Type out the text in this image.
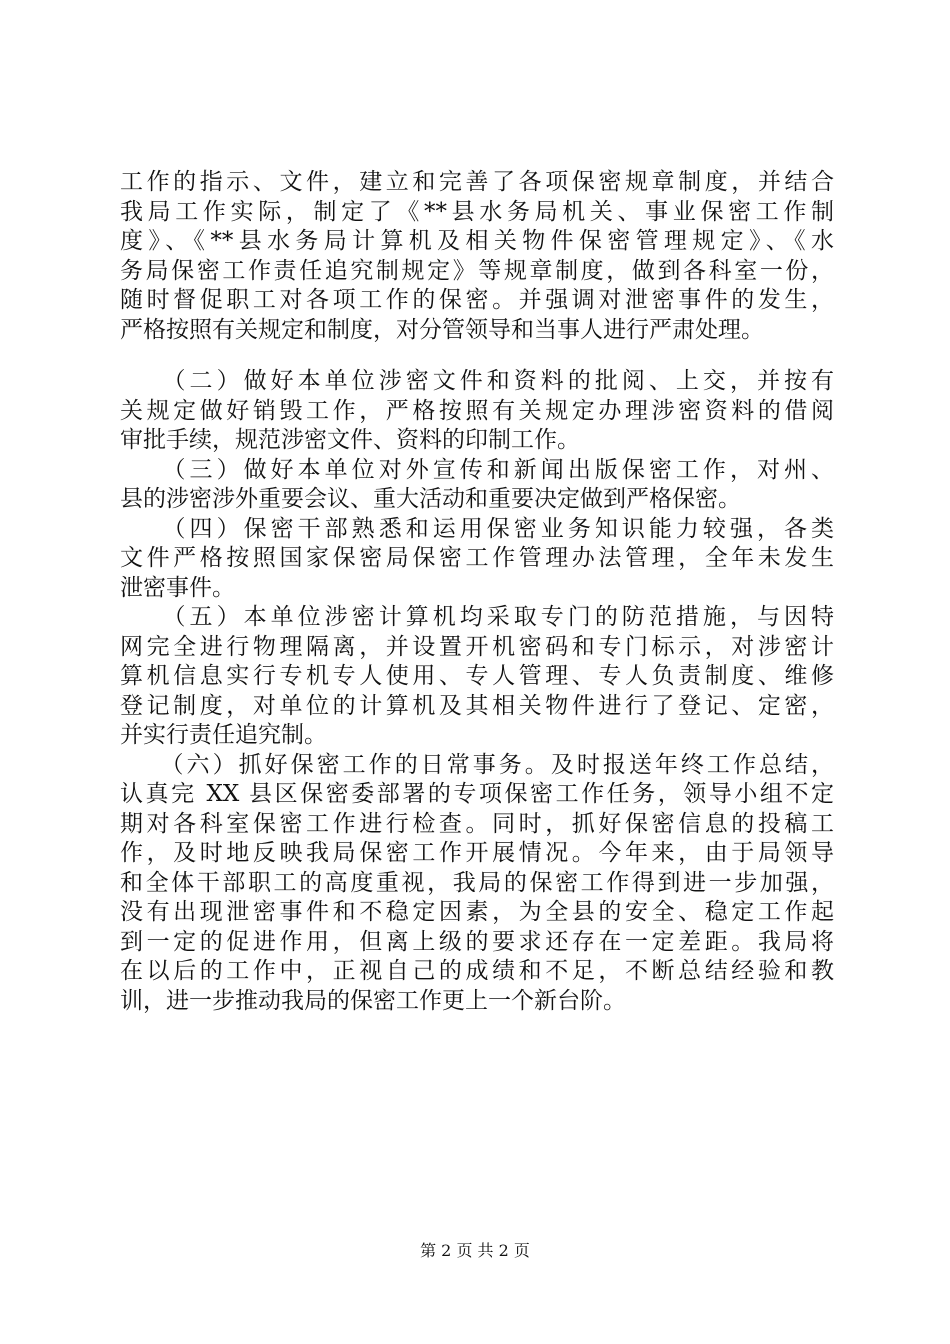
工作的指示、文件，建立和完善了各项保密规章制度，并结合
我局工作实际，制定了《**县水务局机关、事业保密工作制
度》、《**县水务局计算机及相关物件保密管理规定》、《水
务局保密工作责任追究制规定》等规章制度，做到各科室一份，
随时督促职工对各项工作的保密。并强调对泄密事件的发生，
严格按照有关规定和制度，对分管领导和当事人进行严肃处理。
　　（二）做好本单位涉密文件和资料的批阅、上交，并按有
关规定做好销毁工作，严格按照有关规定办理涉密资料的借阅
审批手续，规范涉密文件、资料的印制工作。
　　（三）做好本单位对外宣传和新闻出版保密工作，对州、
县的涉密涉外重要会议、重大活动和重要决定做到严格保密。
　　（四）保密干部熟悉和运用保密业务知识能力较强，各类
文件严格按照国家保密局保密工作管理办法管理，全年未发生
泄密事件。
　　（五）本单位涉密计算机均采取专门的防范措施，与因特
网完全进行物理隔离，并设置开机密码和专门标示，对涉密计
算机信息实行专机专人使用、专人管理、专人负责制度、维修
登记制度，对单位的计算机及其相关物件进行了登记、定密，
并实行责任追究制。
　　（六）抓好保密工作的日常事务。及时报送年终工作总结，
认真完 XX 县区保密委部署的专项保密工作任务，领导小组不定
期对各科室保密工作进行检查。同时，抓好保密信息的投稿工
作，及时地反映我局保密工作开展情况。今年来，由于局领导
和全体干部职工的高度重视，我局的保密工作得到进一步加强，
没有出现泄密事件和不稳定因素，为全县的安全、稳定工作起
到一定的促进作用，但离上级的要求还存在一定差距。我局将
在以后的工作中，正视自己的成绩和不足，不断总结经验和教
训，进一步推动我局的保密工作更上一个新台阶。
第 2 页 共 2 页
